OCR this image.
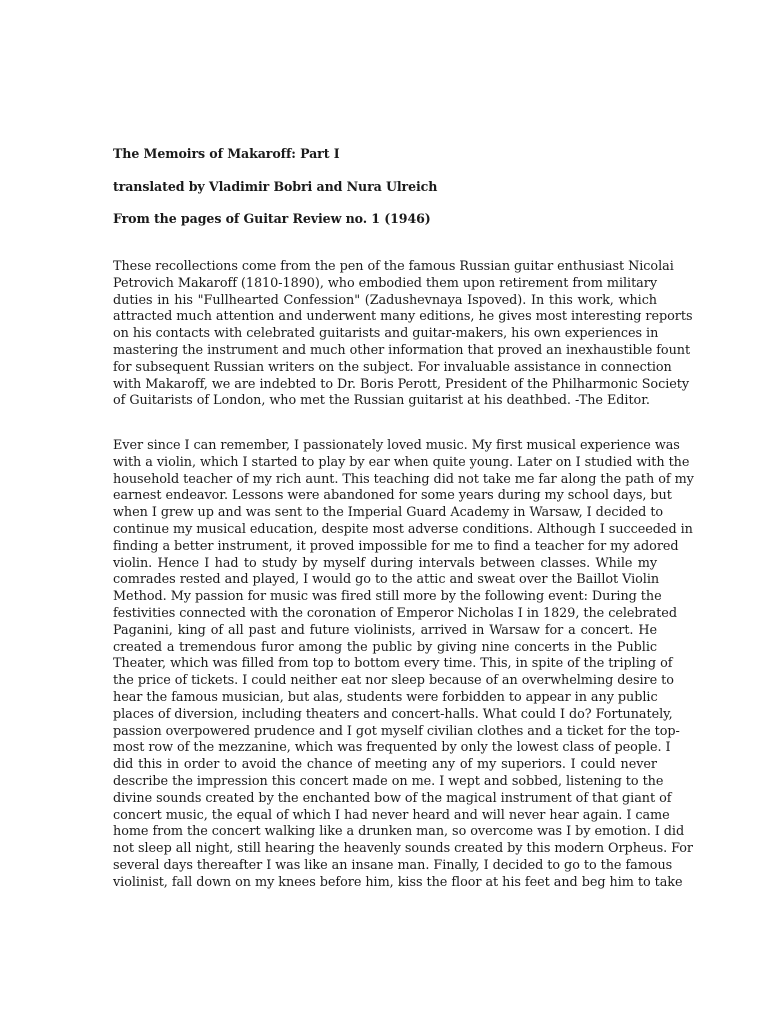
The Memoirs of Makaroff: Part I
translated by Vladimir Bobri and Nura Ulreich
From the pages of Guitar Review no. 1 (1946)
These recollections come from the pen of the famous Russian guitar enthusiast Nicolai
Petrovich Makaroff (1810-1890), who embodied them upon retirement from military
duties in his "Fullhearted Confession" (Zadushevnaya Ispoved). In this work, which
attracted much attention and underwent many editions, he gives most interesting reports
on his contacts with celebrated guitarists and guitar-makers, his own experiences in
mastering the instrument and much other information that proved an inexhaustible fount
for subsequent Russian writers on the subject. For invaluable assistance in connection
with Makaroff, we are indebted to Dr. Boris Perott, President of the Philharmonic Society
of Guitarists of London, who met the Russian guitarist at his deathbed. -The Editor.
Ever since I can remember, I passionately loved music. My first musical experience was
with a violin, which I started to play by ear when quite young. Later on I studied with the
household teacher of my rich aunt. This teaching did not take me far along the path of my
earnest endeavor. Lessons were abandoned for some years during my school days, but
when I grew up and was sent to the Imperial Guard Academy in Warsaw, I decided to
continue my musical education, despite most adverse conditions. Although I succeeded in
finding a better instrument, it proved impossible for me to find a teacher for my adored
violin. Hence I had to study by myself during intervals between classes. While my
comrades rested and played, I would go to the attic and sweat over the Baillot Violin
Method. My passion for music was fired still more by the following event: During the
festivities connected with the coronation of Emperor Nicholas I in 1829, the celebrated
Paganini, king of all past and future violinists, arrived in Warsaw for a concert. He
created a tremendous furor among the public by giving nine concerts in the Public
Theater, which was filled from top to bottom every time. This, in spite of the tripling of
the price of tickets. I could neither eat nor sleep because of an overwhelming desire to
hear the famous musician, but alas, students were forbidden to appear in any public
places of diversion, including theaters and concert-halls. What could I do? Fortunately,
passion overpowered prudence and I got myself civilian clothes and a ticket for the top-
most row of the mezzanine, which was frequented by only the lowest class of people. I
did this in order to avoid the chance of meeting any of my superiors. I could never
describe the impression this concert made on me. I wept and sobbed, listening to the
divine sounds created by the enchanted bow of the magical instrument of that giant of
concert music, the equal of which I had never heard and will never hear again. I came
home from the concert walking like a drunken man, so overcome was I by emotion. I did
not sleep all night, still hearing the heavenly sounds created by this modern Orpheus. For
several days thereafter I was like an insane man. Finally, I decided to go to the famous
violinist, fall down on my knees before him, kiss the floor at his feet and beg him to take
